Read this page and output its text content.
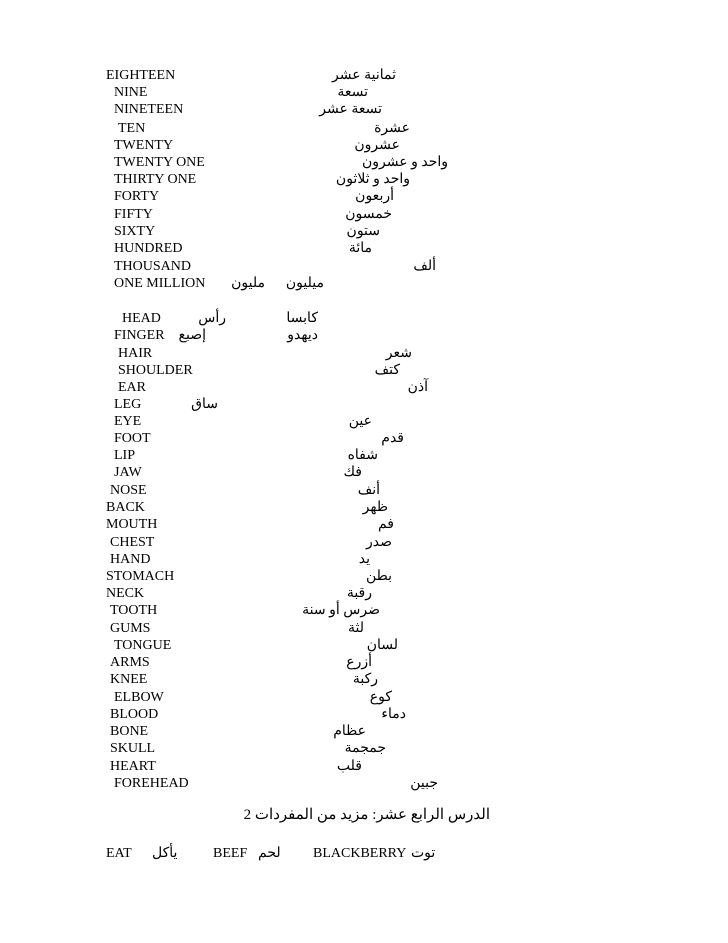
EIGHTEEN	ثمانية عشر
NINE	تسعة
NINETEEN	تسعة عشر
TEN	عشرة
TWENTY	عشرون
TWENTY ONE	واحد و عشرون
THIRTY ONE	واحد و ثلاثون
FORTY	أربعون
FIFTY	خمسون
SIXTY	ستون
HUNDRED	مائة
THOUSAND	ألف
ONE MILLION	مليون	ميليون
HEAD	رأس	كابسا
FINGER إصبع	ديهدو
HAIR	شعر
SHOULDER	كتف
EAR	آذن
LEG	ساق
EYE	عين
FOOT	قدم
LIP	شفاه
JAW	فك
NOSE	أنف
BACK	ظهر
MOUTH	فم
CHEST	صدر
HAND	يد
STOMACH	بطن
NECK	رقبة
TOOTH	ضرس أو سنة
GUMS	لثة
TONGUE	لسان
ARMS	أزرع
KNEE	ركبة
ELBOW	كوع
BLOOD	دماء
BONE	عظام
SKULL	جمجمة
HEART	قلب
FOREHEAD	جبين
الدرس الرابع عشر: مزيد من المفردات 2
EAT يأكل	BEEF لحم BLACKBERRY توت
